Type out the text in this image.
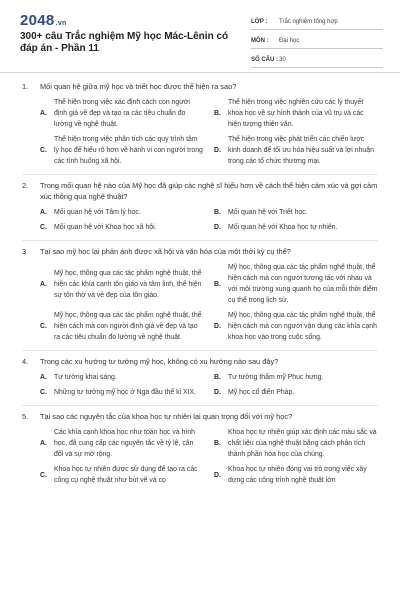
2048.vn
300+ câu Trắc nghiệm Mỹ học Mác-Lênin có đáp án - Phần 11
LỚP :	Trắc nghiệm tổng hợp
MÔN :	Đại học
SỐ CÂU : 30
1.	Mối quan hệ giữa mỹ học và triết học được thể hiện ra sao?
A.
Thể hiện trong việc xác định cách con người định giá về đẹp và tạo ra các tiêu chuẩn đo lường về nghệ thuật.
B.
Thể hiện trong việc nghiên cứu các lý thuyết khoa học về sự hình thành của vũ trụ và các hiện tượng thiên văn.
C.
Thể hiện trong việc phân tích các quy trình tâm lý học để hiểu rõ hơn về hành vi con người trong các tình huống xã hội.
D.
Thể hiện trong việc phát triển các chiến lược kinh doanh để tối ưu hóa hiệu suất và lợi nhuận trong các tổ chức thương mại.
2.	Trong mối quan hệ nào của Mỹ học đã giúp các nghệ sĩ hiểu hơn về cách thể hiện cảm xúc và gợi cảm xúc thông qua nghệ thuật?
A.	Mối quan hệ với Tâm lý học.	B.	Mối quan hệ với Triết học.
C.	Mối quan hệ với Khoa học xã hội.	D.	Mối quan hệ với Khoa học tự nhiên.
3.	Tại sao mỹ học lại phản ánh được xã hội và văn hóa của một thời kỳ cụ thể?
A.
Mỹ học, thông qua các tác phẩm nghệ thuật, thể hiện các khía cạnh tôn giáo và tâm linh, thể hiện sự tôn thờ và vẻ đẹp của tôn giáo.
B.
Mỹ học, thông qua các tác phẩm nghệ thuật, thể hiện cách mà con người tương tác với nhau và với môi trường xung quanh họ của mỗi thời điểm cụ thể trong lịch sử.
C.
Mỹ học, thông qua các tác phẩm nghệ thuật, thể hiện cách mà con người định giá về đẹp và tạo ra các tiêu chuẩn đo lường về nghệ thuật.
D.
Mỹ học, thông qua các tác phẩm nghệ thuật, thể hiện cách mà con người vận dụng các khía cạnh khoa học vào trong cuộc sống.
4.	Trong các xu hướng tư tưởng mỹ học, không có xu hướng nào sau đây?
A.	Tư tưởng khai sáng.	B.	Tư tưởng thẩm mỹ Phục hưng.
C.	Những tư tưởng mỹ học ở Nga đầu thế kỉ XIX.	D.	Mỹ học cổ điển Pháp.
5.	Tại sao các nguyên tắc của khoa học tự nhiên lại quan trọng đối với mỹ học?
A.
Các khía cạnh khoa học như toán học và hình học, đã cung cấp các nguyên tắc về tỷ lệ, cân đối và sự mở rộng.
B.
Khoa học tự nhiên giúp xác định các màu sắc và chất liệu của nghệ thuật bằng cách phân tích thành phần hóa học của chúng.
C.
Khoa học tự nhiên được sử dụng để tạo ra các công cụ nghệ thuật như bút vẽ và cọ
D.
Khoa học tự nhiên đóng vai trò trong việc xây dựng các công trình nghệ thuật lớn
